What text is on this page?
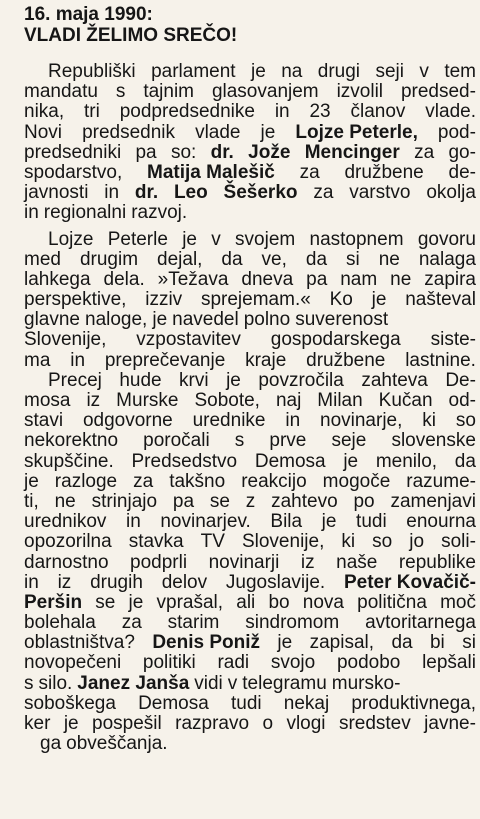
16. maja 1990:
VLADI ŽELIMO SREČO!
Republiški parlament je na drugi seji v tem
mandatu s tajnim glasovanjem izvolil predsed-
nika, tri podpredsednike in 23 članov vlade.
Novi predsednik vlade je Lojze Peterle, pod-
predsedniki pa so: dr. Jože Mencinger za go-
spodarstvo, Matija Malešič za družbene de-
javnosti in dr. Leo Šešerko za varstvo okolja
in regionalni razvoj.
Lojze Peterle je v svojem nastopnem govoru
med drugim dejal, da ve, da si ne nalaga
lahkega dela. »Težava dneva pa nam ne zapira
perspektive, izziv sprejemam.« Ko je našteval
glavne naloge, je navedel polno suverenost
Slovenije, vzpostavitev gospodarskega siste-
ma in preprečevanje kraje družbene lastnine.
Precej hude krvi je povzročila zahteva De-
mosa iz Murske Sobote, naj Milan Kučan od-
stavi odgovorne urednike in novinarje, ki so
nekorektno poročali s prve seje slovenske
skupščine. Predsedstvo Demosa je menilo, da
je razloge za takšno reakcijo mogoče razume-
ti, ne strinjajo pa se z zahtevo po zamenjavi
urednikov in novinarjev. Bila je tudi enourna
opozorilna stavka TV Slovenije, ki so jo soli-
darnostno podprli novinarji iz naše republike
in iz drugih delov Jugoslavije. Peter Kovačič-
Peršin se je vprašal, ali bo nova politična moč
bolehala za starim sindromom avtoritarnega
oblastništva? Denis Poniž je zapisal, da bi si
novopečeni politiki radi svojo podobo lepšali
s silo. Janez Janša vidi v telegramu mursko-
soboškega Demosa tudi nekaj produktivnega,
ker je pospešil razpravo o vlogi sredstev javne-
ga obveščanja.
